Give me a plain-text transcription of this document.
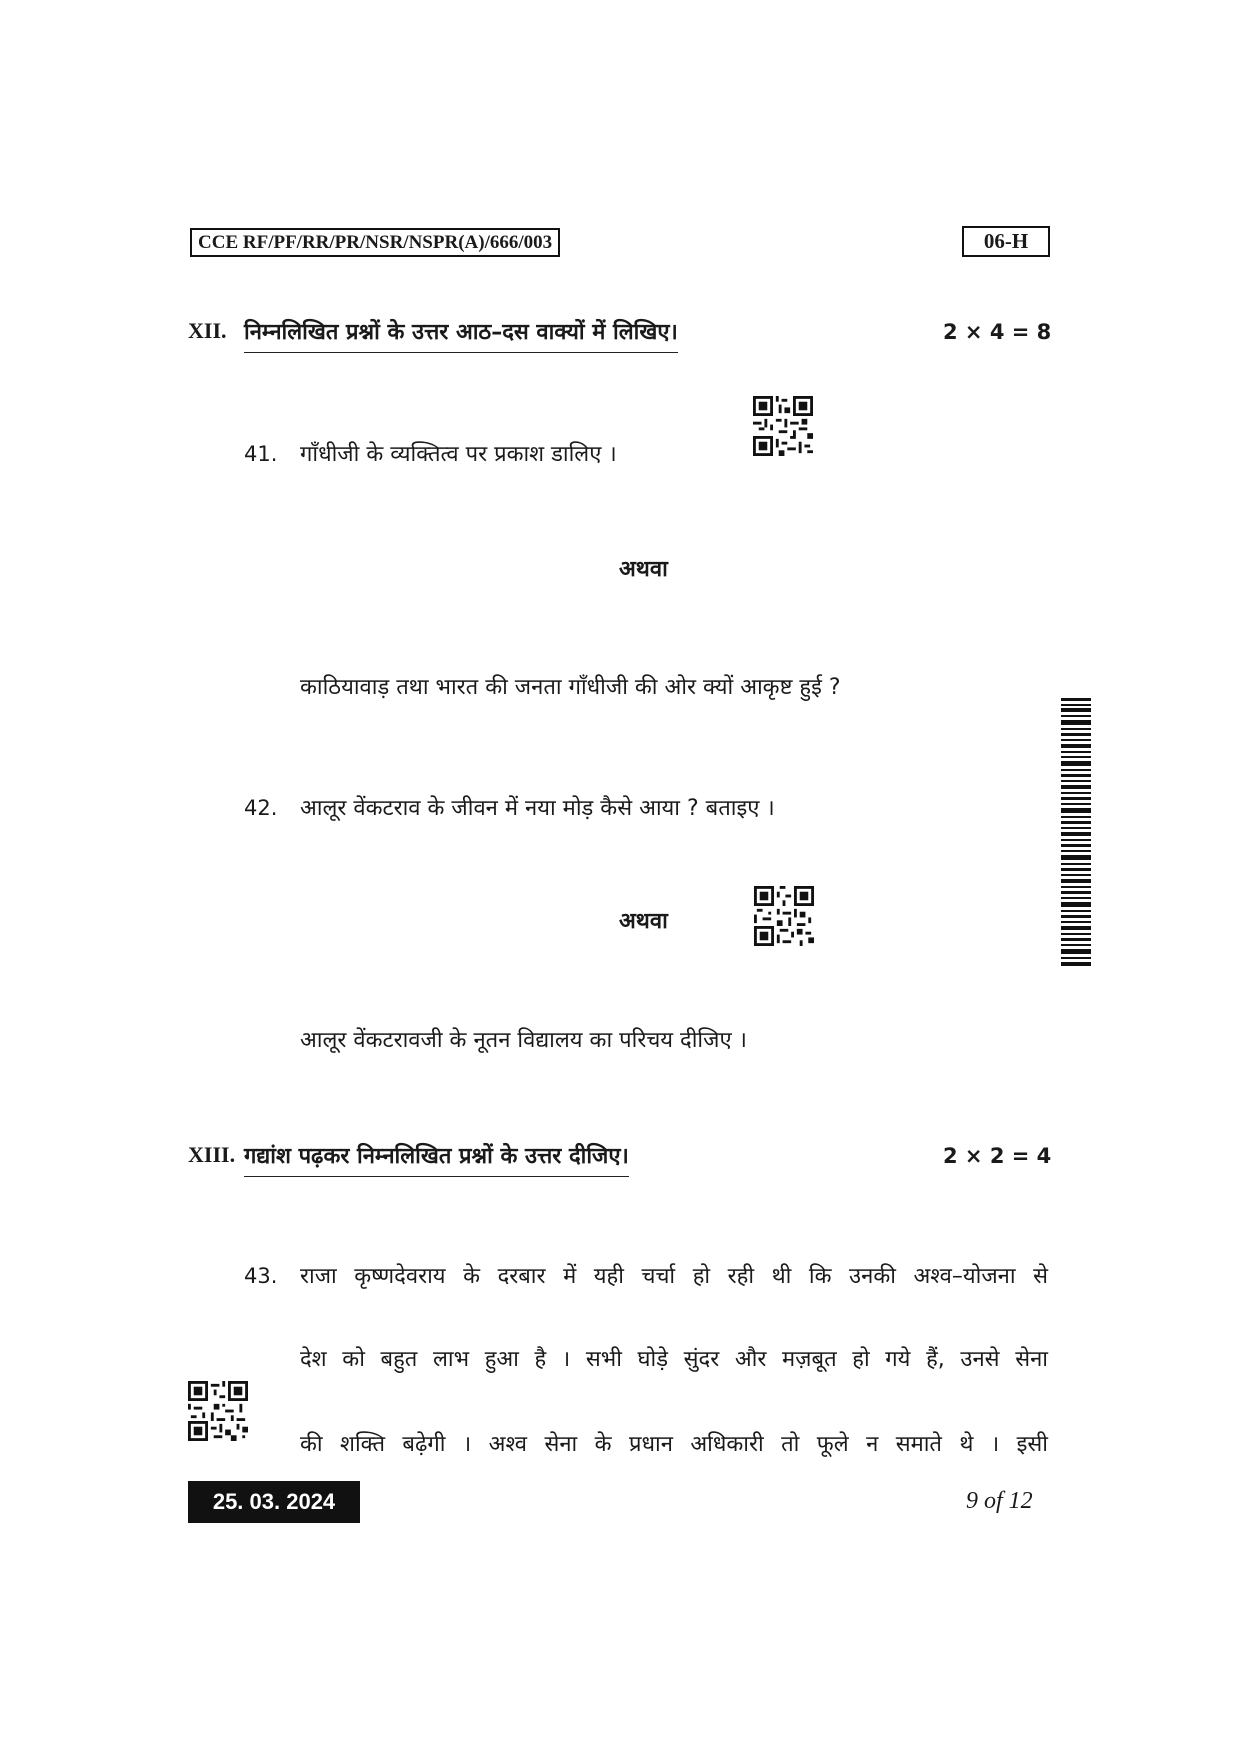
CCE RF/PF/RR/PR/NSR/NSPR(A)/666/003	06-H
XII. निम्नलिखित प्रश्नों के उत्तर आठ–दस वाक्यों में लिखिए।	2 × 4 = 8
41. गाँधीजी के व्यक्तित्व पर प्रकाश डालिए ।
अथवा
काठियावाड़ तथा भारत की जनता गाँधीजी की ओर क्यों आकृष्ट हुई ?
42. आलूर वेंकटराव के जीवन में नया मोड़ कैसे आया ? बताइए ।
अथवा
आलूर वेंकटरावजी के नूतन विद्यालय का परिचय दीजिए ।
XIII. गद्यांश पढ़कर निम्नलिखित प्रश्नों के उत्तर दीजिए।	2 × 2 = 4
43. राजा कृष्णदेवराय के दरबार में यही चर्चा हो रही थी कि उनकी अश्व–योजना से
देश को बहुत लाभ हुआ है । सभी घोड़े सुंदर और मज़बूत हो गये हैं, उनसे सेना
की शक्ति बढ़ेगी । अश्व सेना के प्रधान अधिकारी तो फूले न समाते थे । इसी
25. 03. 2024	9 of 12
